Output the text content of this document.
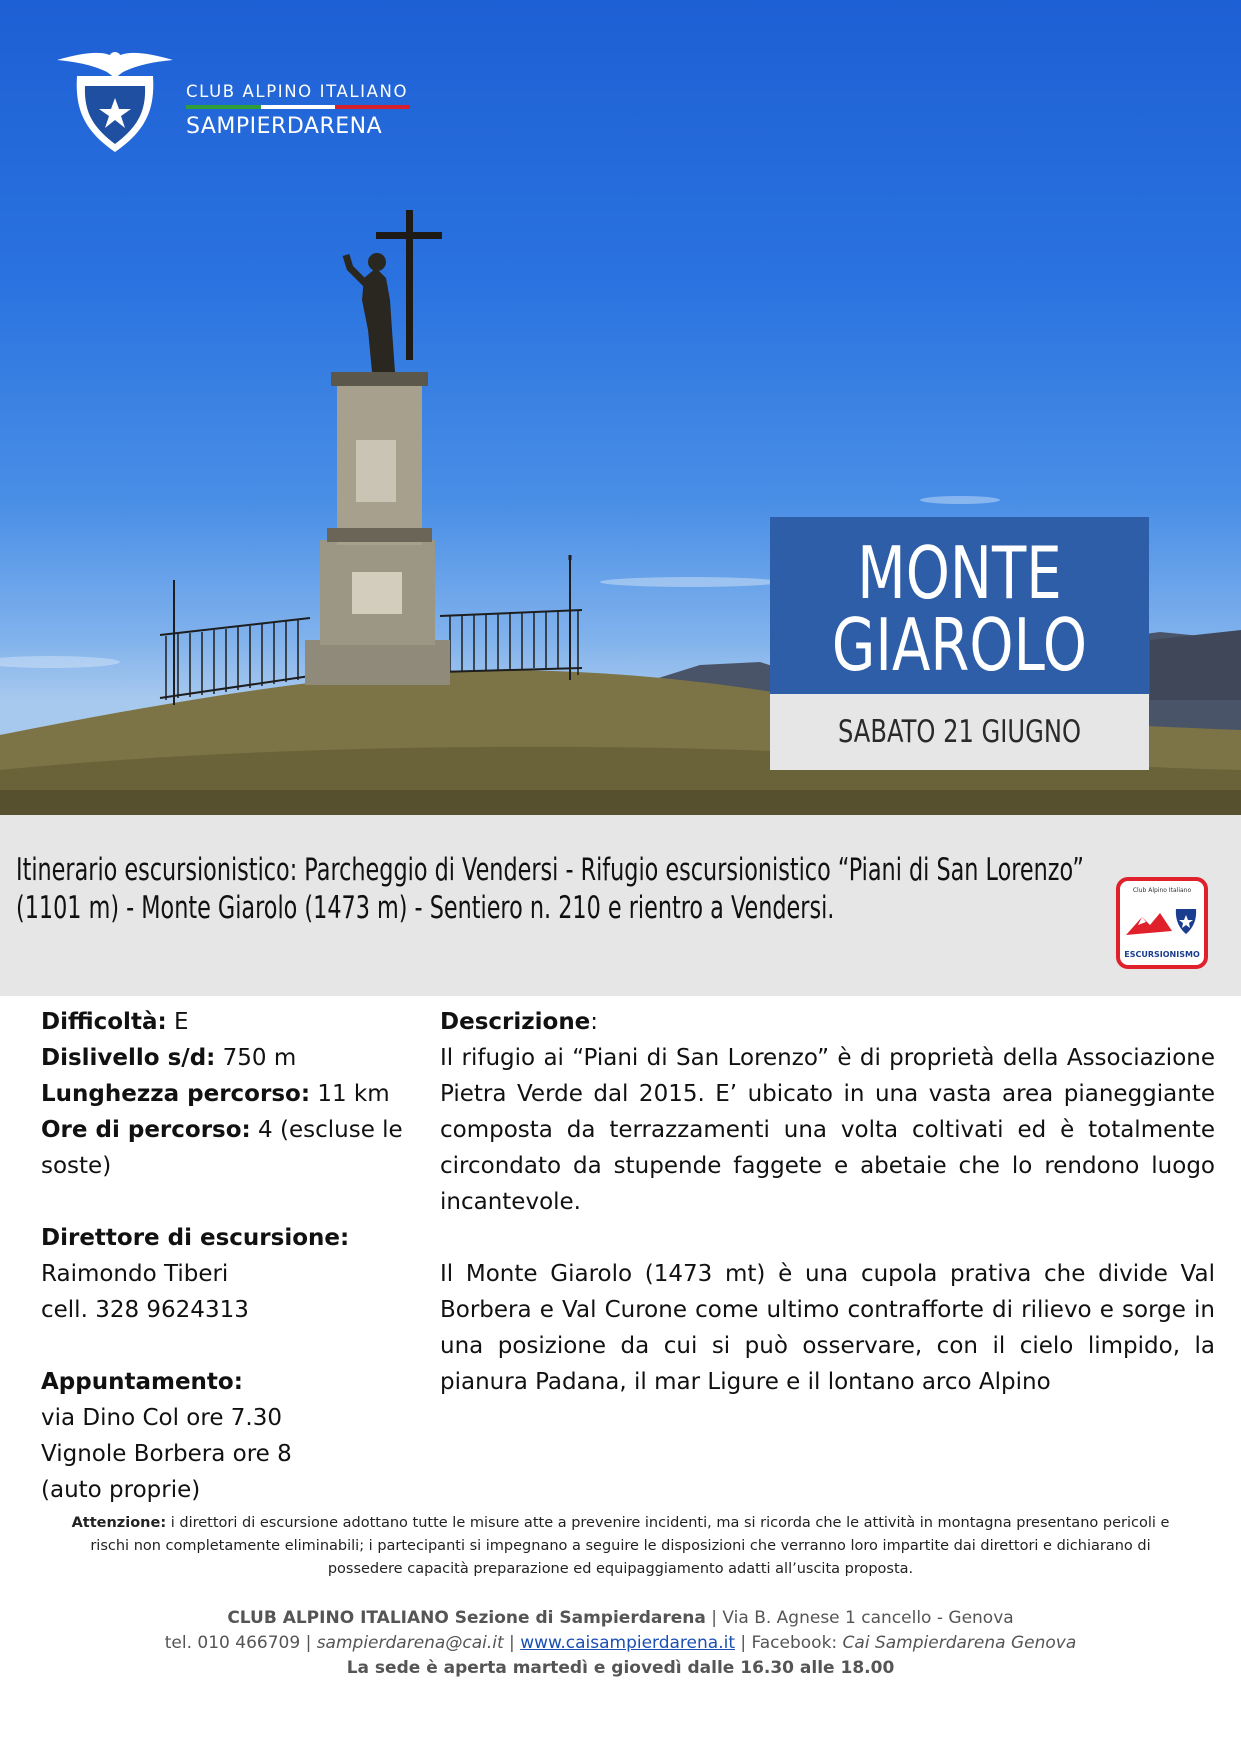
CLUB ALPINO ITALIANO
SAMPIERDARENA
MONTE
GIAROLO
SABATO 21 GIUGNO
Itinerario escursionistico: Parcheggio di Vendersi - Rifugio escursionistico “Piani di San Lorenzo”
(1101 m) - Monte Giarolo (1473 m) - Sentiero n. 210 e rientro a Vendersi.	Club Alpino Italiano
ESCURSIONISMO

Difficoltà: E

Dislivello s/d: 750 m

Lunghezza percorso: 11 km

Ore di percorso: 4 (escluse le soste)

Direttore di escursione:

Raimondo Tiberi

cell. 328 9624313

Appuntamento:

via Dino Col ore 7.30

Vignole Borbera ore 8

(auto proprie)

Descrizione:

Il rifugio ai “Piani di San Lorenzo” è di proprietà della Associazione Pietra Verde dal 2015. E’ ubicato in una vasta area pianeggiante composta da terrazzamenti una volta coltivati ed è totalmente circondato da stupende faggete e abetaie che lo rendono luogo incantevole.

Il Monte Giarolo (1473 mt) è una cupola prativa che divide Val Borbera e Val Curone come ultimo contrafforte di rilievo e sorge in una posizione da cui si può osservare, con il cielo limpido, la pianura Padana, il mar Ligure e il lontano arco Alpino

Attenzione: i direttori di escursione adottano tutte le misure atte a prevenire incidenti, ma si ricorda che le attività in montagna presentano pericoli e rischi non completamente eliminabili; i partecipanti si impegnano a seguire le disposizioni che verranno loro impartite dai direttori e dichiarano di possedere capacità preparazione ed equipaggiamento adatti all’uscita proposta.
CLUB ALPINO ITALIANO Sezione di Sampierdarena | Via B. Agnese 1 cancello - Genova
tel. 010 466709 | sampierdarena@cai.it | www.caisampierdarena.it | Facebook: Cai Sampierdarena Genova
La sede è aperta martedì e giovedì dalle 16.30 alle 18.00
